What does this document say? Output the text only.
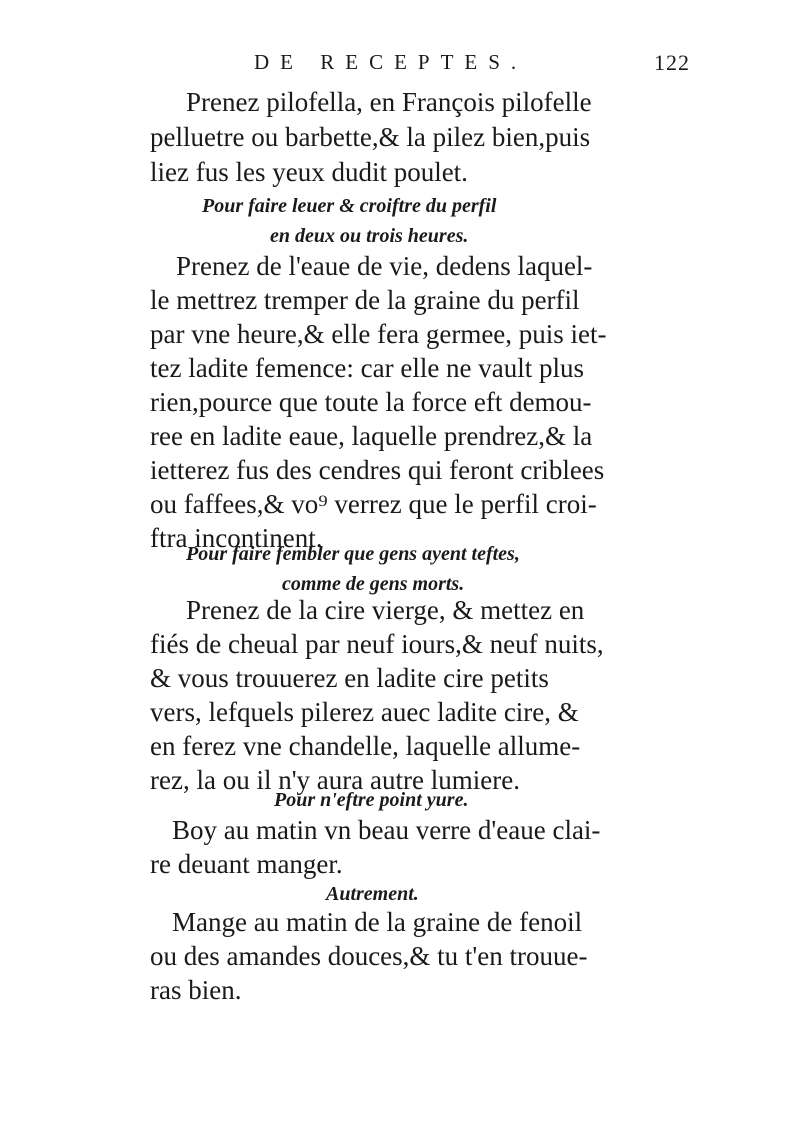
DE RECEPTES.	122
Prenez pilofella, en François pilofelle
pelluetre ou barbette,& la pilez bien,puis
liez fus les yeux dudit poulet.
Pour faire leuer & croiftre du perfil
en deux ou trois heures.
Prenez de l'eaue de vie, dedens laquel-
le mettrez tremper de la graine du perfil
par vne heure,& elle fera germee, puis iet-
tez ladite femence: car elle ne vault plus
rien,pource que toute la force eft demou-
ree en ladite eaue, laquelle prendrez,& la
ietterez fus des cendres qui feront criblees
ou faffees,& vo⁹ verrez que le perfil croi-
ftra incontinent.
Pour faire fembler que gens ayent teftes,
comme de gens morts.
Prenez de la cire vierge, & mettez en
fiés de cheual par neuf iours,& neuf nuits,
& vous trouuerez en ladite cire petits
vers, lefquels pilerez auec ladite cire, &
en ferez vne chandelle, laquelle allume-
rez, la ou il n'y aura autre lumiere.
Pour n'eftre point yure.
Boy au matin vn beau verre d'eaue clai-
re deuant manger.
Autrement.
Mange au matin de la graine de fenoil
ou des amandes douces,& tu t'en trouue-
ras bien.
